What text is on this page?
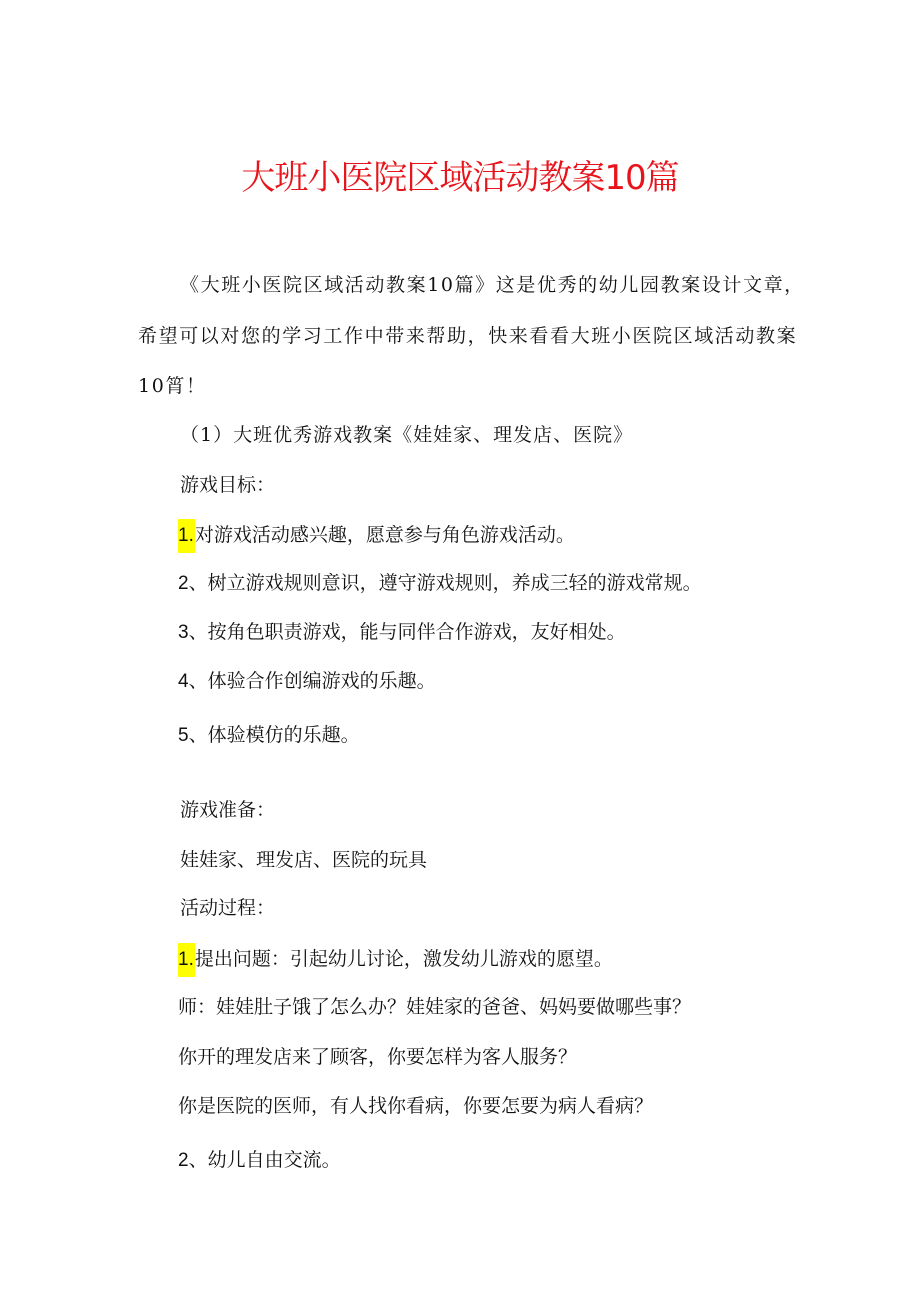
大班小医院区域活动教案10篇

《大班小医院区域活动教案10篇》这是优秀的幼儿园教案设计文章，

希望可以对您的学习工作中带来帮助，快来看看大班小医院区域活动教案

10筲！

（1）大班优秀游戏教案《娃娃家、理发店、医院》

游戏目标：

1.对游戏活动感兴趣，愿意参与角色游戏活动。

2、树立游戏规则意识，遵守游戏规则，养成三轻的游戏常规。

3、按角色职责游戏，能与同伴合作游戏，友好相处。

4、体验合作创编游戏的乐趣。

5、体验模仿的乐趣。

游戏准备：

娃娃家、理发店、医院的玩具

活动过程：

1.提出问题：引起幼儿讨论，激发幼儿游戏的愿望。

师：娃娃肚子饿了怎么办？娃娃家的爸爸、妈妈要做哪些事？

你开的理发店来了顾客，你要怎样为客人服务？

你是医院的医师，有人找你看病，你要怎要为病人看病？

2、幼儿自由交流。
